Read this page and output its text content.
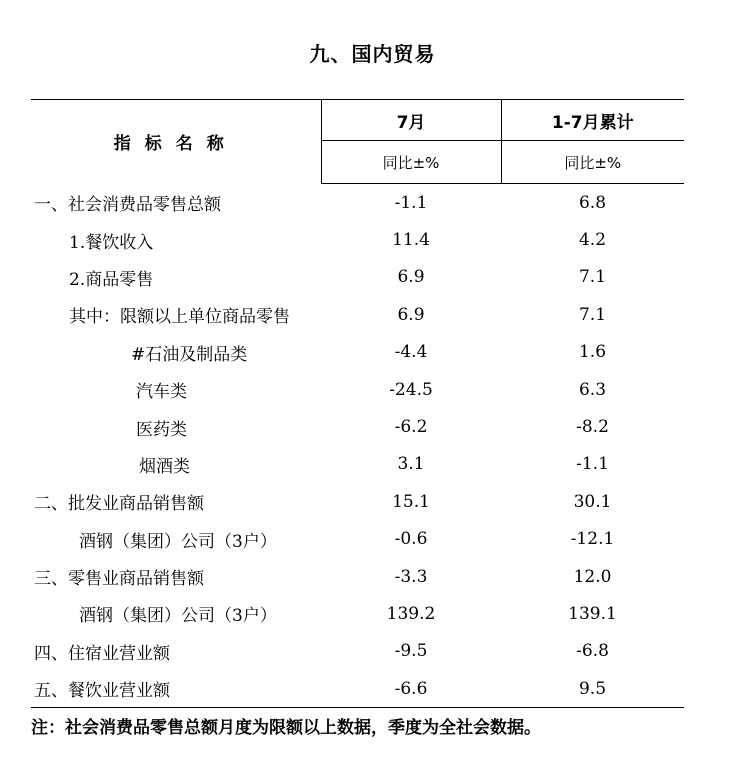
九、国内贸易
指标名称	7月	1-7月累计
	同比±%	同比±%
一、社会消费品零售总额	-1.1	6.8
1.餐饮收入	11.4	4.2
2.商品零售	6.9	7.1
其中：限额以上单位商品零售	6.9	7.1
#石油及制品类	-4.4	1.6
汽车类	-24.5	6.3
医药类	-6.2	-8.2
烟酒类	3.1	-1.1
二、批发业商品销售额	15.1	30.1
酒钢（集团）公司（3户）	-0.6	-12.1
三、零售业商品销售额	-3.3	12.0
酒钢（集团）公司（3户）	139.2	139.1
四、住宿业营业额	-9.5	-6.8
五、餐饮业营业额	-6.6	9.5
注：社会消费品零售总额月度为限额以上数据，季度为全社会数据。
